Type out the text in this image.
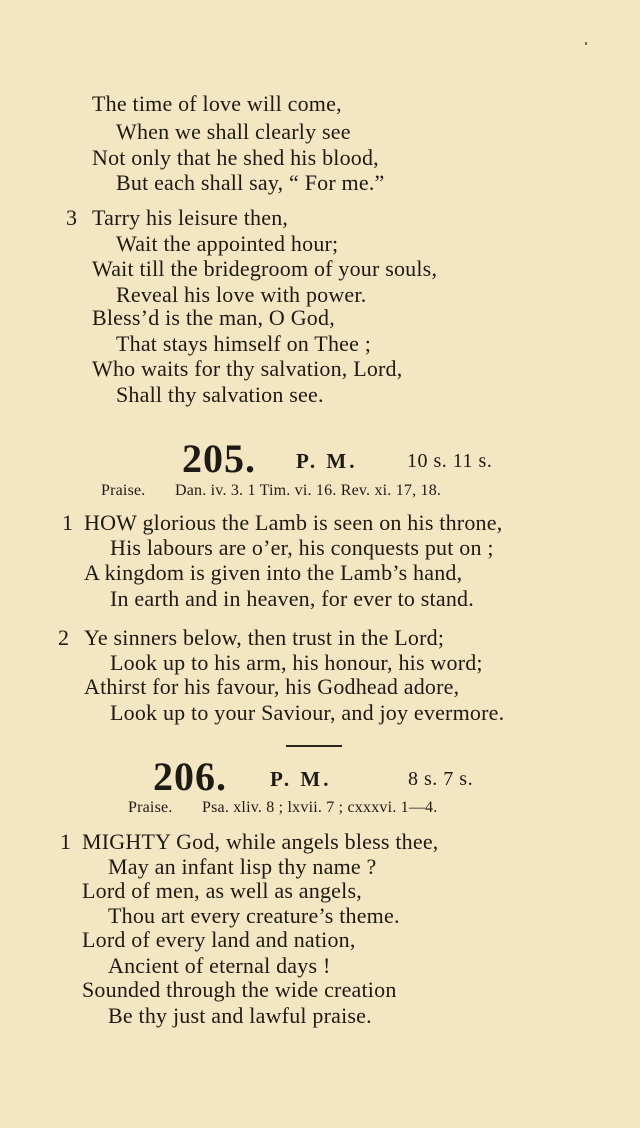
The time of love will come,
When we shall clearly see
Not only that he shed his blood,
But each shall say, “ For me.”
3 Tarry his leisure then,
Wait the appointed hour;
Wait till the bridegroom of your souls,
Reveal his love with power.
Bless’d is the man, O God,
That stays himself on Thee ;
Who waits for thy salvation, Lord,
Shall thy salvation see.
205. P. M. 10 s. 11 s.
Praise. Dan. iv. 3. 1 Tim. vi. 16. Rev. xi. 17, 18.
1 HOW glorious the Lamb is seen on his throne,
His labours are o’er, his conquests put on ;
A kingdom is given into the Lamb’s hand,
In earth and in heaven, for ever to stand.
2 Ye sinners below, then trust in the Lord;
Look up to his arm, his honour, his word;
Athirst for his favour, his Godhead adore,
Look up to your Saviour, and joy evermore.
206. P. M.	8 s. 7 s.
Praise. Psa. xliv. 8 ; lxvii. 7 ; cxxxvi. 1—4.
1 MIGHTY God, while angels bless thee,
May an infant lisp thy name ?
Lord of men, as well as angels,
Thou art every creature’s theme.
Lord of every land and nation,
Ancient of eternal days !
Sounded through the wide creation
Be thy just and lawful praise.
